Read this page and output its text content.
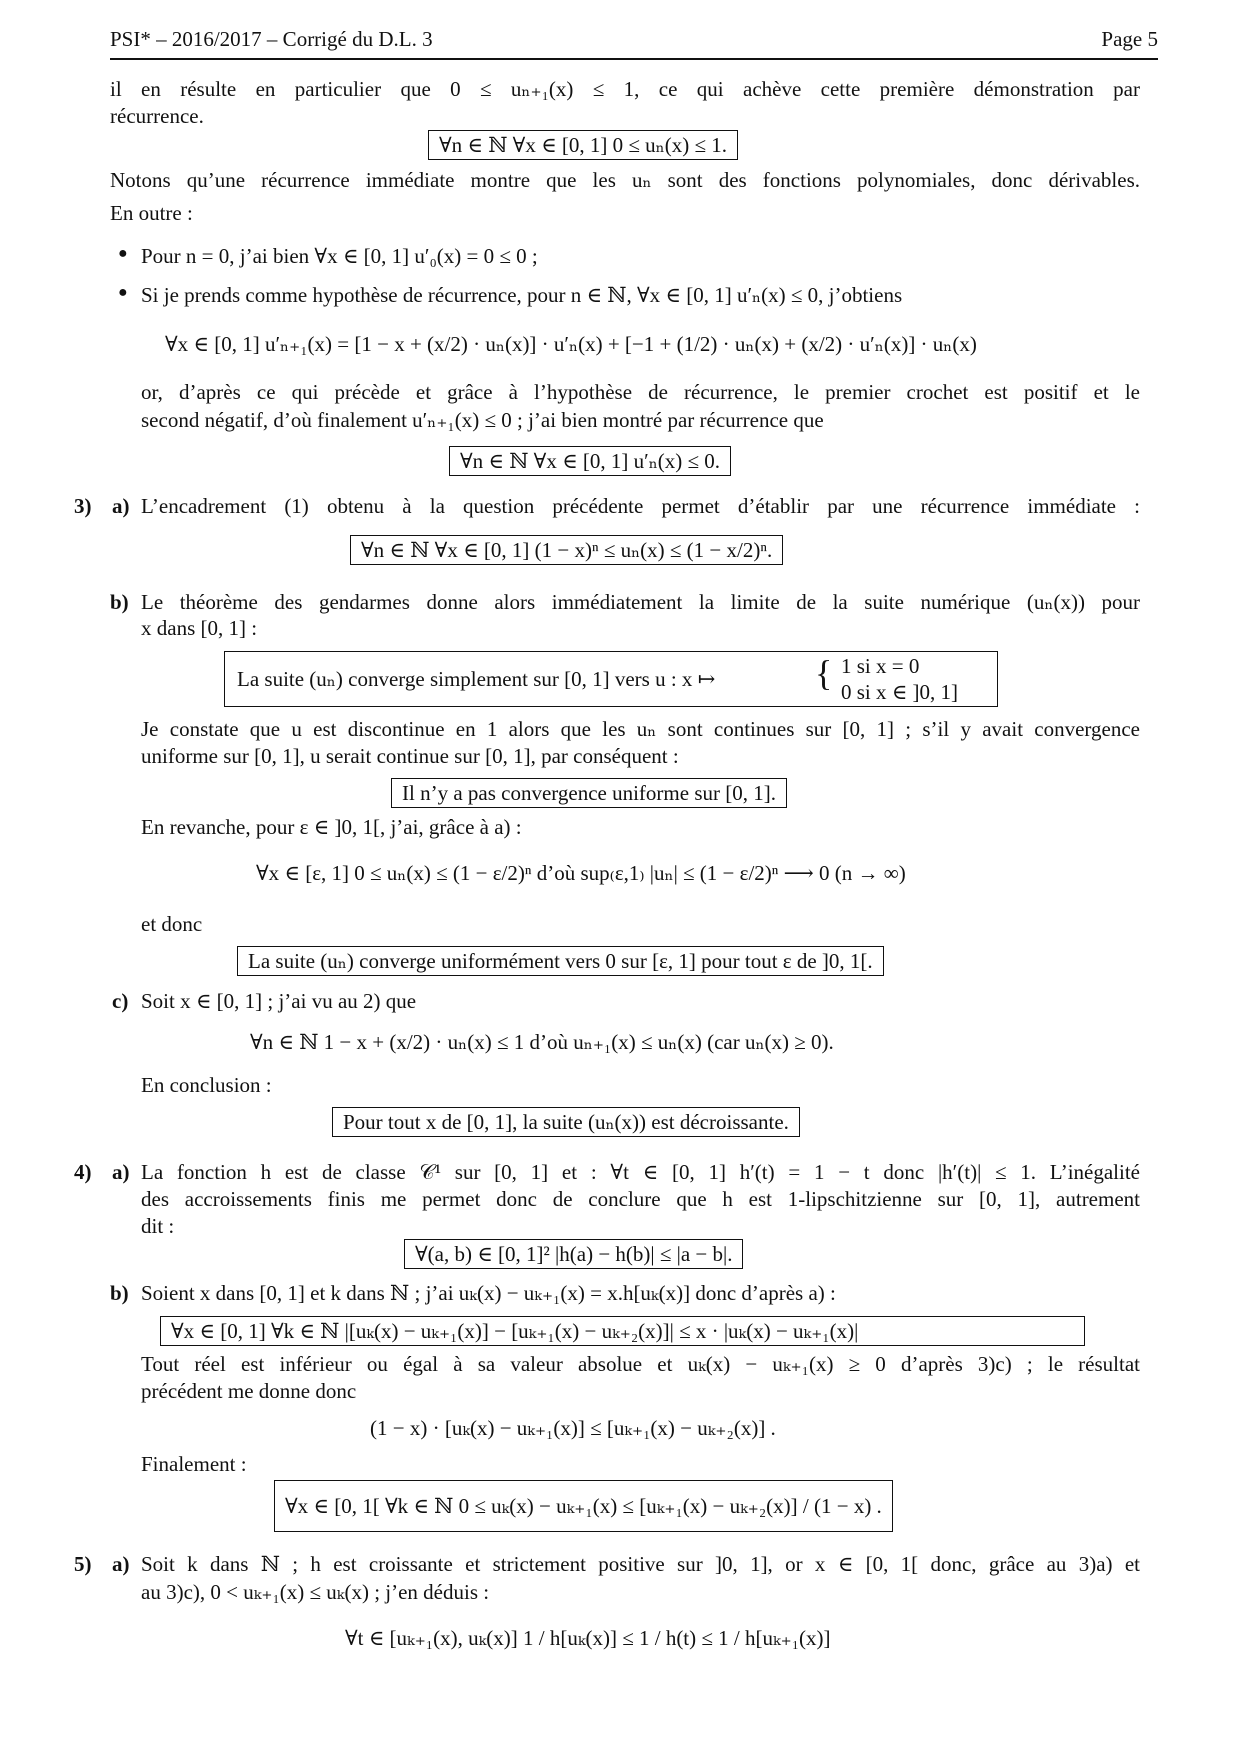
PSI* – 2016/2017 – Corrigé du D.L. 3	Page 5
il en résulte en particulier que 0 ≤ uₙ₊₁(x) ≤ 1, ce qui achève cette première démonstration par
récurrence.
∀n ∈ ℕ ∀x ∈ [0, 1] 0 ≤ uₙ(x) ≤ 1.
Notons qu’une récurrence immédiate montre que les uₙ sont des fonctions polynomiales, donc dérivables.
En outre :
● Pour n = 0, j’ai bien ∀x ∈ [0, 1] u′₀(x) = 0 ≤ 0 ;
● Si je prends comme hypothèse de récurrence, pour n ∈ ℕ, ∀x ∈ [0, 1] u′ₙ(x) ≤ 0, j’obtiens
∀x ∈ [0, 1] u′ₙ₊₁(x) = [1 − x + (x/2) · uₙ(x)] · u′ₙ(x) + [−1 + (1/2) · uₙ(x) + (x/2) · u′ₙ(x)] · uₙ(x)
or, d’après ce qui précède et grâce à l’hypothèse de récurrence, le premier crochet est positif et le
second négatif, d’où finalement u′ₙ₊₁(x) ≤ 0 ; j’ai bien montré par récurrence que
∀n ∈ ℕ ∀x ∈ [0, 1] u′ₙ(x) ≤ 0.
3) a) L’encadrement (1) obtenu à la question précédente permet d’établir par une récurrence immédiate :
∀n ∈ ℕ ∀x ∈ [0, 1] (1 − x)ⁿ ≤ uₙ(x) ≤ (1 − x/2)ⁿ.
b) Le théorème des gendarmes donne alors immédiatement la limite de la suite numérique (uₙ(x)) pour
x dans [0, 1] :
La suite (uₙ) converge simplement sur [0, 1] vers u : x ↦	{ 1 si x = 0
0 si x ∈ ]0, 1]
Je constate que u est discontinue en 1 alors que les uₙ sont continues sur [0, 1] ; s’il y avait convergence
uniforme sur [0, 1], u serait continue sur [0, 1], par conséquent :
Il n’y a pas convergence uniforme sur [0, 1].
En revanche, pour ε ∈ ]0, 1[, j’ai, grâce à a) :
∀x ∈ [ε, 1] 0 ≤ uₙ(x) ≤ (1 − ε/2)ⁿ d’où sup₍ε,1₎ |uₙ| ≤ (1 − ε/2)ⁿ ⟶ 0 (n → ∞)
et donc
La suite (uₙ) converge uniformément vers 0 sur [ε, 1] pour tout ε de ]0, 1[.
c) Soit x ∈ [0, 1] ; j’ai vu au 2) que
∀n ∈ ℕ 1 − x + (x/2) · uₙ(x) ≤ 1 d’où uₙ₊₁(x) ≤ uₙ(x) (car uₙ(x) ≥ 0).
En conclusion :
Pour tout x de [0, 1], la suite (uₙ(x)) est décroissante.
4) a) La fonction h est de classe 𝒞¹ sur [0, 1] et : ∀t ∈ [0, 1] h′(t) = 1 − t donc |h′(t)| ≤ 1. L’inégalité
des accroissements finis me permet donc de conclure que h est 1-lipschitzienne sur [0, 1], autrement
dit :
∀(a, b) ∈ [0, 1]² |h(a) − h(b)| ≤ |a − b|.
b) Soient x dans [0, 1] et k dans ℕ ; j’ai uₖ(x) − uₖ₊₁(x) = x.h[uₖ(x)] donc d’après a) :
∀x ∈ [0, 1] ∀k ∈ ℕ |[uₖ(x) − uₖ₊₁(x)] − [uₖ₊₁(x) − uₖ₊₂(x)]| ≤ x · |uₖ(x) − uₖ₊₁(x)|
Tout réel est inférieur ou égal à sa valeur absolue et uₖ(x) − uₖ₊₁(x) ≥ 0 d’après 3)c) ; le résultat
précédent me donne donc
(1 − x) · [uₖ(x) − uₖ₊₁(x)] ≤ [uₖ₊₁(x) − uₖ₊₂(x)] .
Finalement :
∀x ∈ [0, 1[ ∀k ∈ ℕ 0 ≤ uₖ(x) − uₖ₊₁(x) ≤ [uₖ₊₁(x) − uₖ₊₂(x)] / (1 − x) .
5) a) Soit k dans ℕ ; h est croissante et strictement positive sur ]0, 1], or x ∈ [0, 1[ donc, grâce au 3)a) et
au 3)c), 0 < uₖ₊₁(x) ≤ uₖ(x) ; j’en déduis :
∀t ∈ [uₖ₊₁(x), uₖ(x)] 1 / h[uₖ(x)] ≤ 1 / h(t) ≤ 1 / h[uₖ₊₁(x)]
